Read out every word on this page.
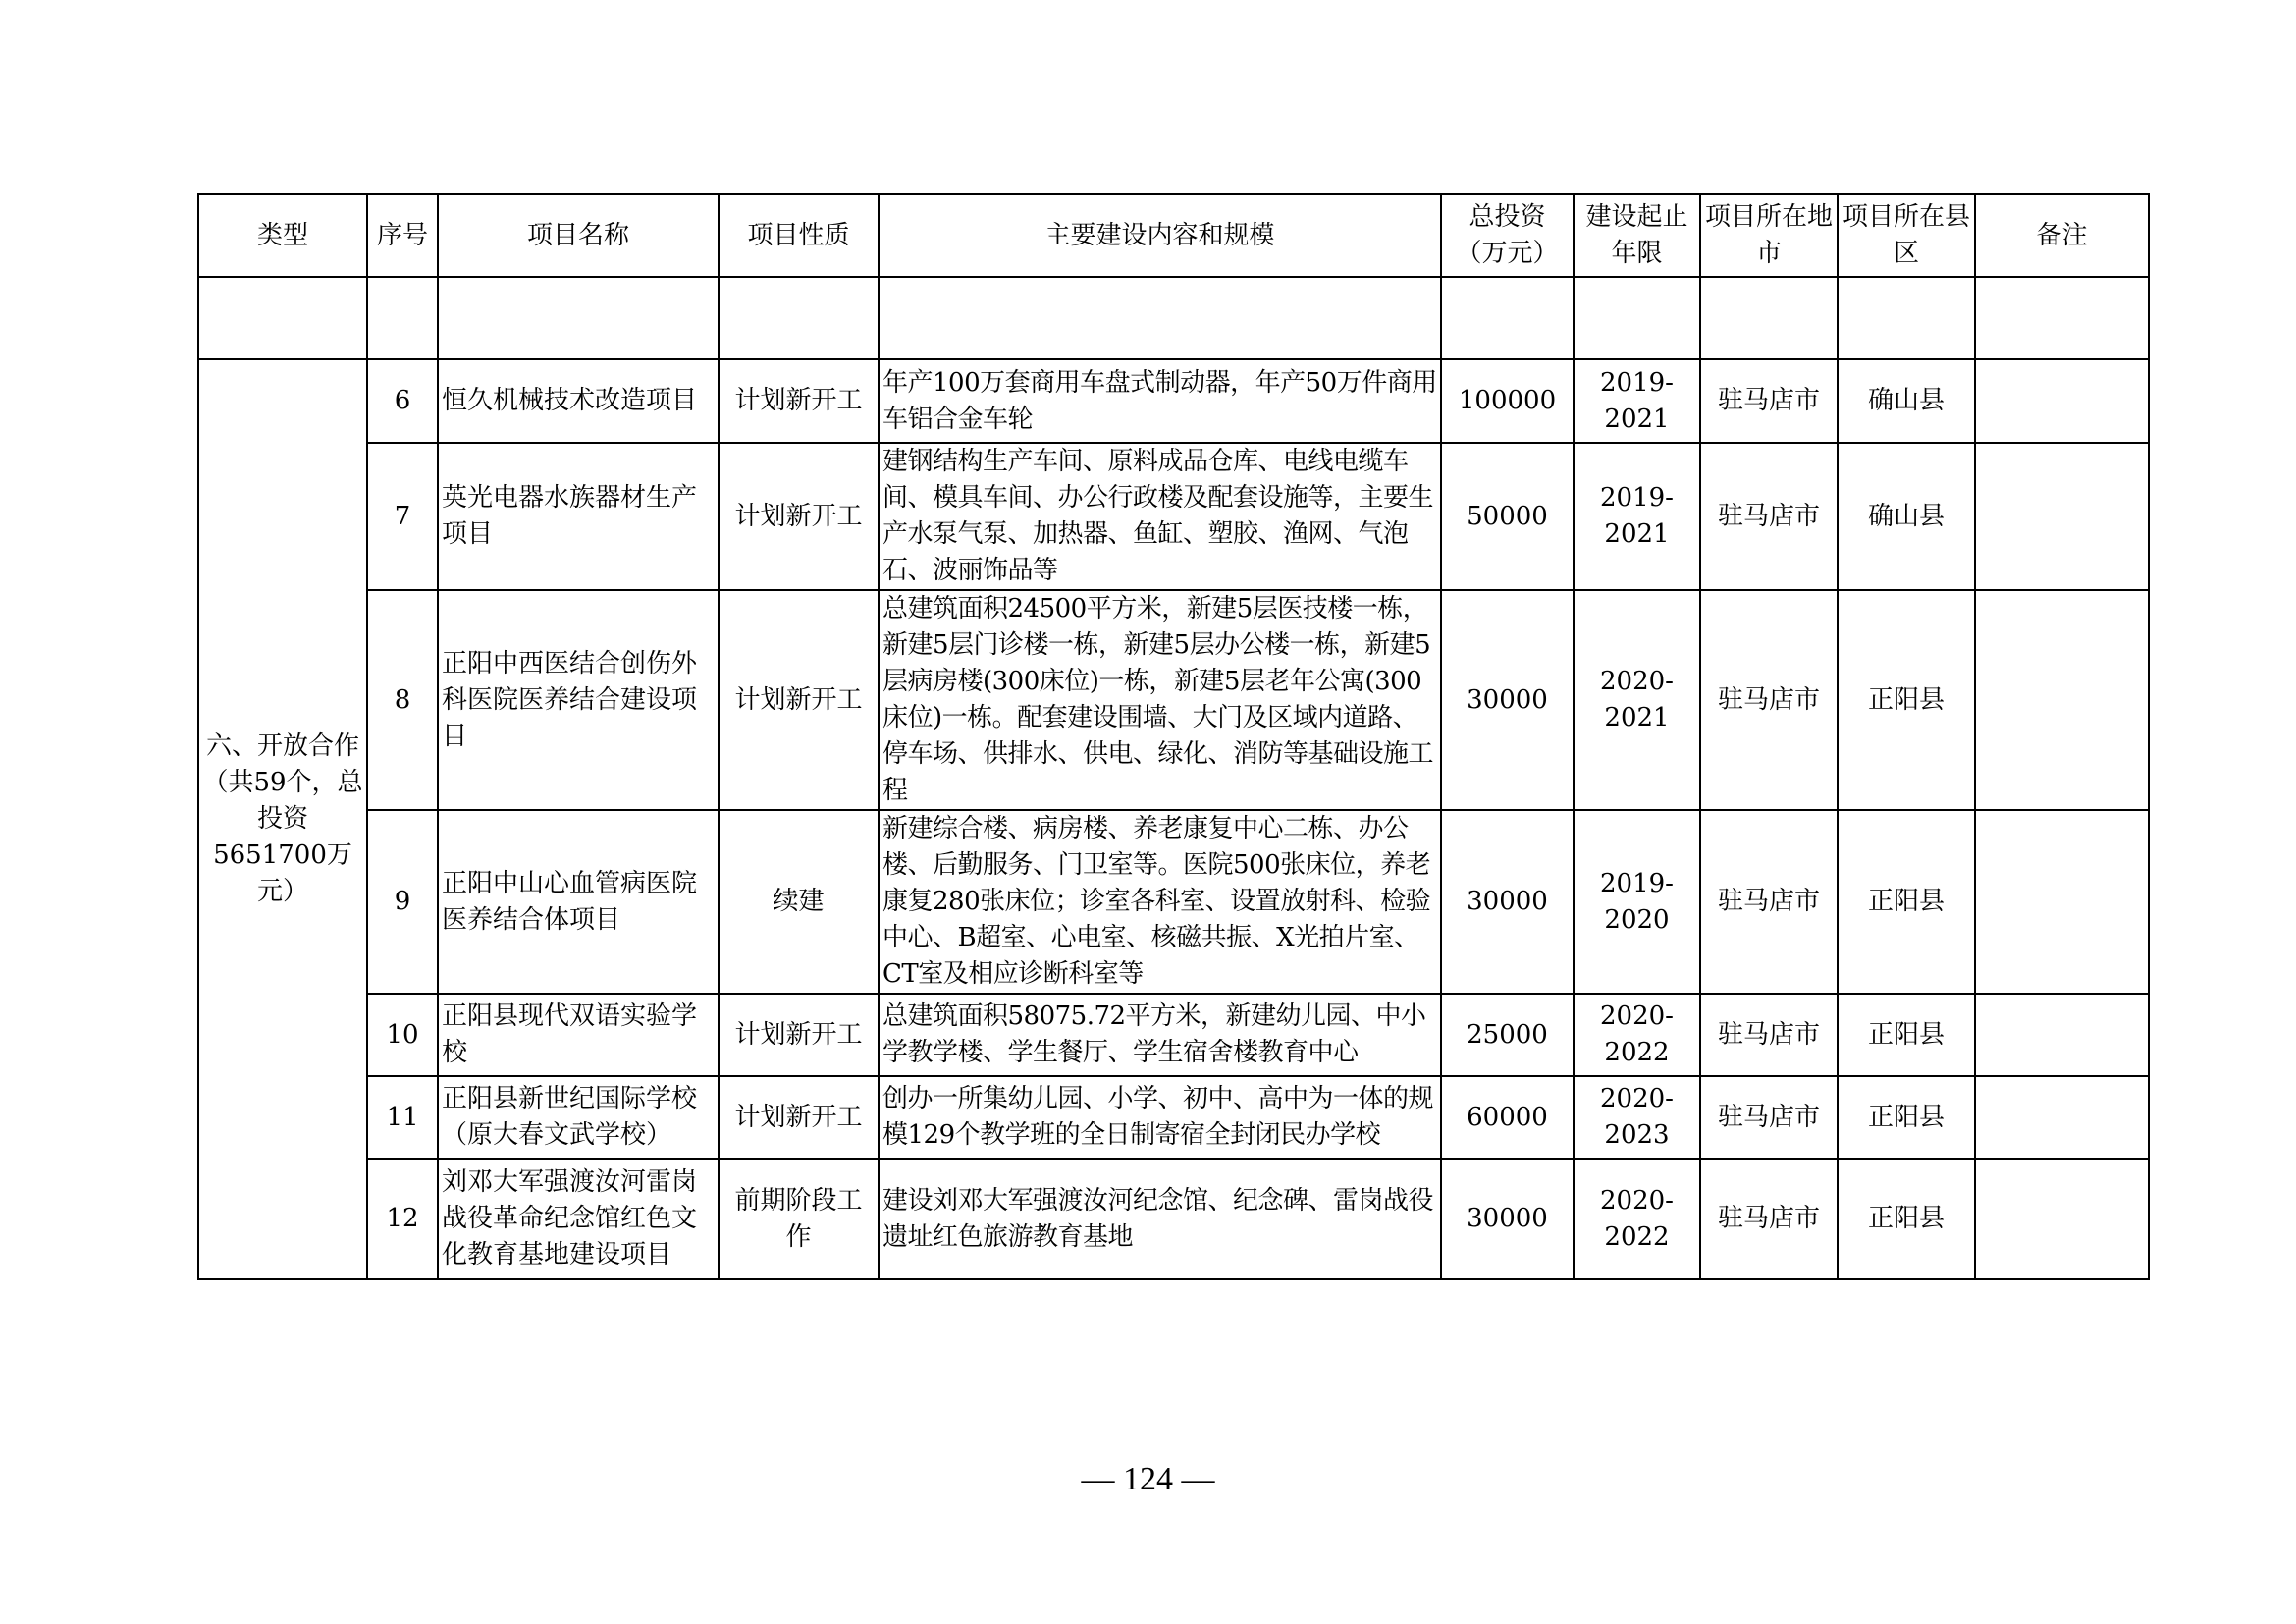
类型	序号	项目名称	项目性质	主要建设内容和规模	总投资（万元）	建设起止年限	项目所在地市	项目所在县区	备注

六、开放合作（共59个，总投资5651700万元）	6	恒久机械技术改造项目	计划新开工	年产100万套商用车盘式制动器，年产50万件商用车铝合金车轮	100000	2019-2021	驻马店市	确山县	
	7	英光电器水族器材生产项目	计划新开工	建钢结构生产车间、原料成品仓库、电线电缆车间、模具车间、办公行政楼及配套设施等，主要生产水泵气泵、加热器、鱼缸、塑胶、渔网、气泡石、波丽饰品等	50000	2019-2021	驻马店市	确山县	
	8	正阳中西医结合创伤外科医院医养结合建设项目	计划新开工	总建筑面积24500平方米，新建5层医技楼一栋，新建5层门诊楼一栋，新建5层办公楼一栋，新建5层病房楼(300床位)一栋，新建5层老年公寓(300床位)一栋。配套建设围墙、大门及区域内道路、停车场、供排水、供电、绿化、消防等基础设施工程	30000	2020-2021	驻马店市	正阳县	
	9	正阳中山心血管病医院医养结合体项目	续建	新建综合楼、病房楼、养老康复中心二栋、办公楼、后勤服务、门卫室等。医院500张床位，养老康复280张床位；诊室各科室、设置放射科、检验中心、B超室、心电室、核磁共振、X光拍片室、CT室及相应诊断科室等	30000	2019-2020	驻马店市	正阳县	
	10	正阳县现代双语实验学校	计划新开工	总建筑面积58075.72平方米，新建幼儿园、中小学教学楼、学生餐厅、学生宿舍楼教育中心	25000	2020-2022	驻马店市	正阳县	
	11	正阳县新世纪国际学校（原大春文武学校）	计划新开工	创办一所集幼儿园、小学、初中、高中为一体的规模129个教学班的全日制寄宿全封闭民办学校	60000	2020-2023	驻马店市	正阳县	
	12	刘邓大军强渡汝河雷岗战役革命纪念馆红色文化教育基地建设项目	前期阶段工作	建设刘邓大军强渡汝河纪念馆、纪念碑、雷岗战役遗址红色旅游教育基地	30000	2020-2022	驻马店市	正阳县	
— 124 —
